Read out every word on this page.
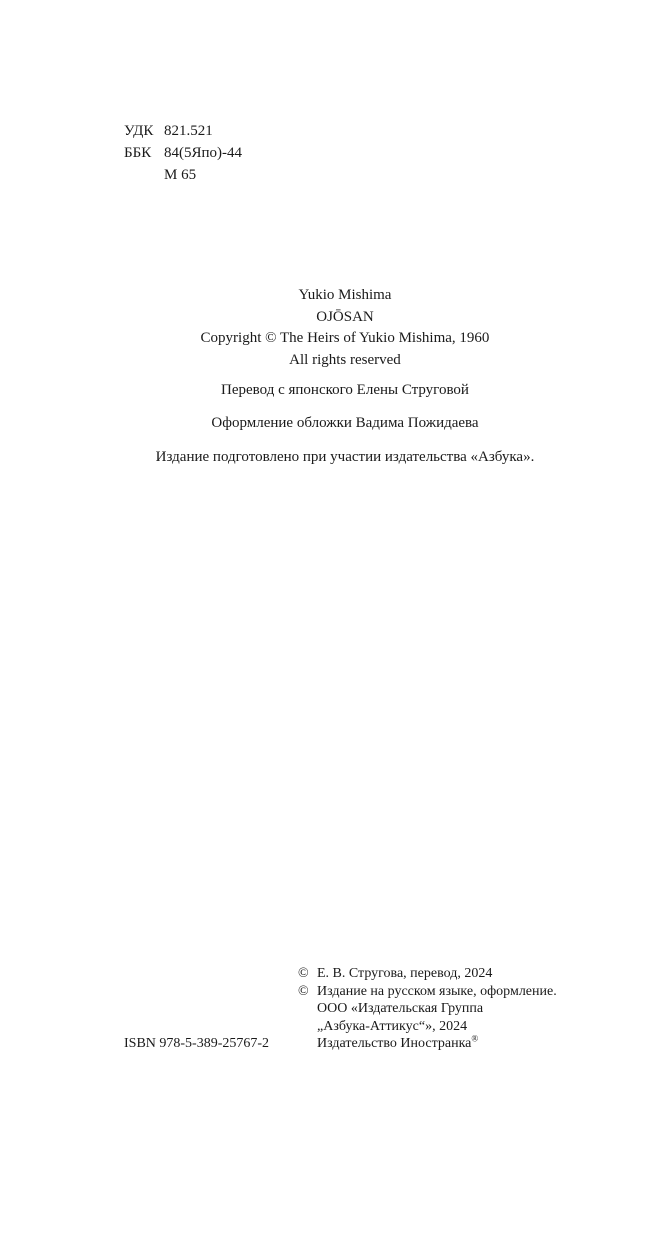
УДК 821.521
ББК 84(5Япо)-44
М 65
Yukio Mishima
OJŌSAN
Copyright © The Heirs of Yukio Mishima, 1960
All rights reserved
Перевод с японского Елены Струговой
Оформление обложки Вадима Пожидаева
Издание подготовлено при участии издательства «Азбука».
© Е. В. Стругова, перевод, 2024
© Издание на русском языке, оформление.
ООО «Издательская Группа
„Азбука-Аттикус“», 2024
Издательство Иностранка®
ISBN 978-5-389-25767-2
